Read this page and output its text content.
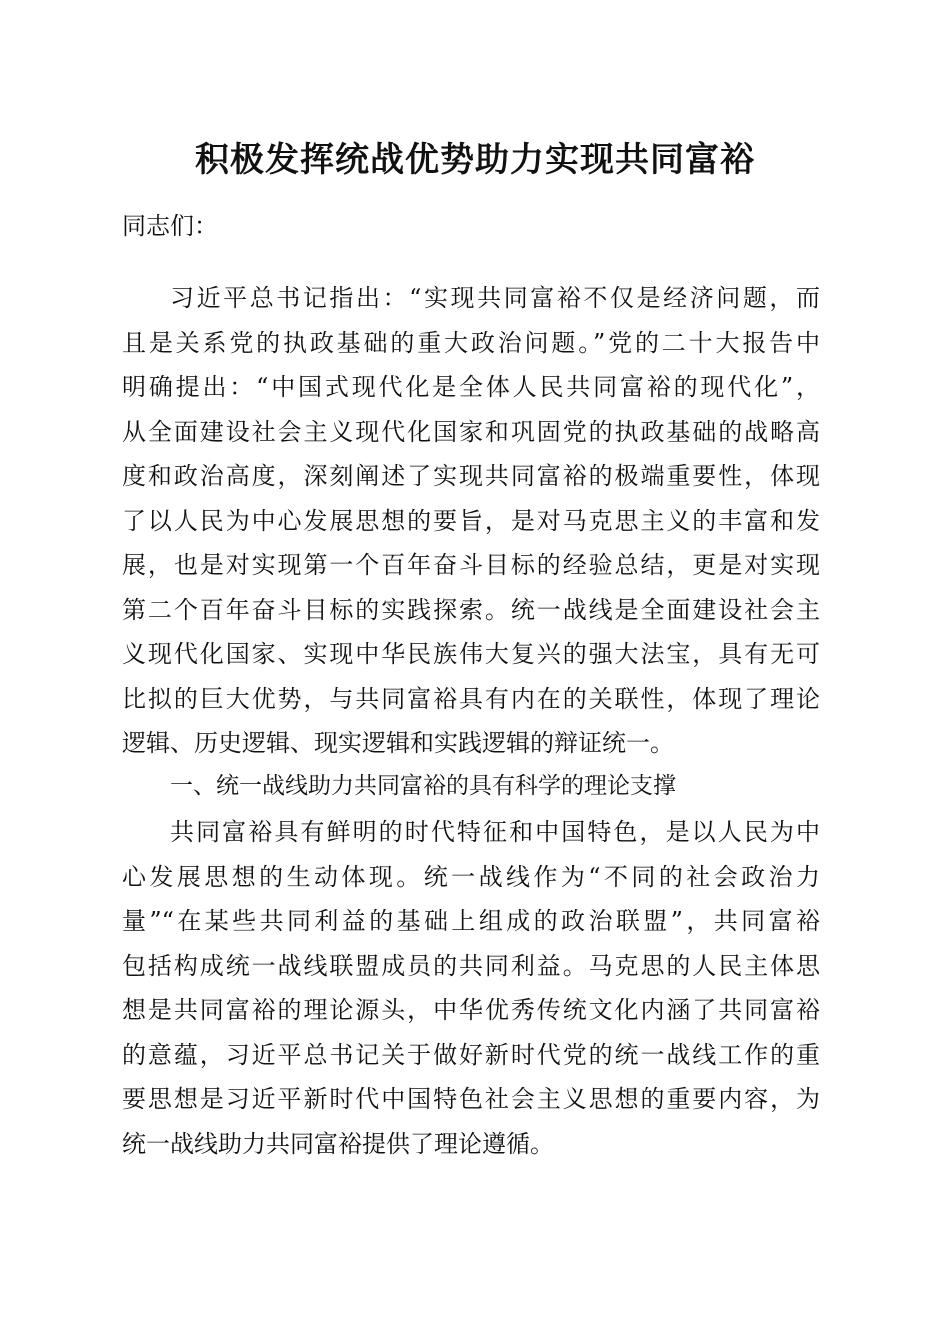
积极发挥统战优势助力实现共同富裕
同志们：
习近平总书记指出：“实现共同富裕不仅是经济问题，而
且是关系党的执政基础的重大政治问题。”党的二十大报告中
明确提出：“中国式现代化是全体人民共同富裕的现代化”，
从全面建设社会主义现代化国家和巩固党的执政基础的战略高
度和政治高度，深刻阐述了实现共同富裕的极端重要性，体现
了以人民为中心发展思想的要旨，是对马克思主义的丰富和发
展，也是对实现第一个百年奋斗目标的经验总结，更是对实现
第二个百年奋斗目标的实践探索。统一战线是全面建设社会主
义现代化国家、实现中华民族伟大复兴的强大法宝，具有无可
比拟的巨大优势，与共同富裕具有内在的关联性，体现了理论
逻辑、历史逻辑、现实逻辑和实践逻辑的辩证统一。
一、统一战线助力共同富裕的具有科学的理论支撑
共同富裕具有鲜明的时代特征和中国特色，是以人民为中
心发展思想的生动体现。统一战线作为“不同的社会政治力
量”“在某些共同利益的基础上组成的政治联盟”，共同富裕
包括构成统一战线联盟成员的共同利益。马克思的人民主体思
想是共同富裕的理论源头，中华优秀传统文化内涵了共同富裕
的意蕴，习近平总书记关于做好新时代党的统一战线工作的重
要思想是习近平新时代中国特色社会主义思想的重要内容，为
统一战线助力共同富裕提供了理论遵循。
